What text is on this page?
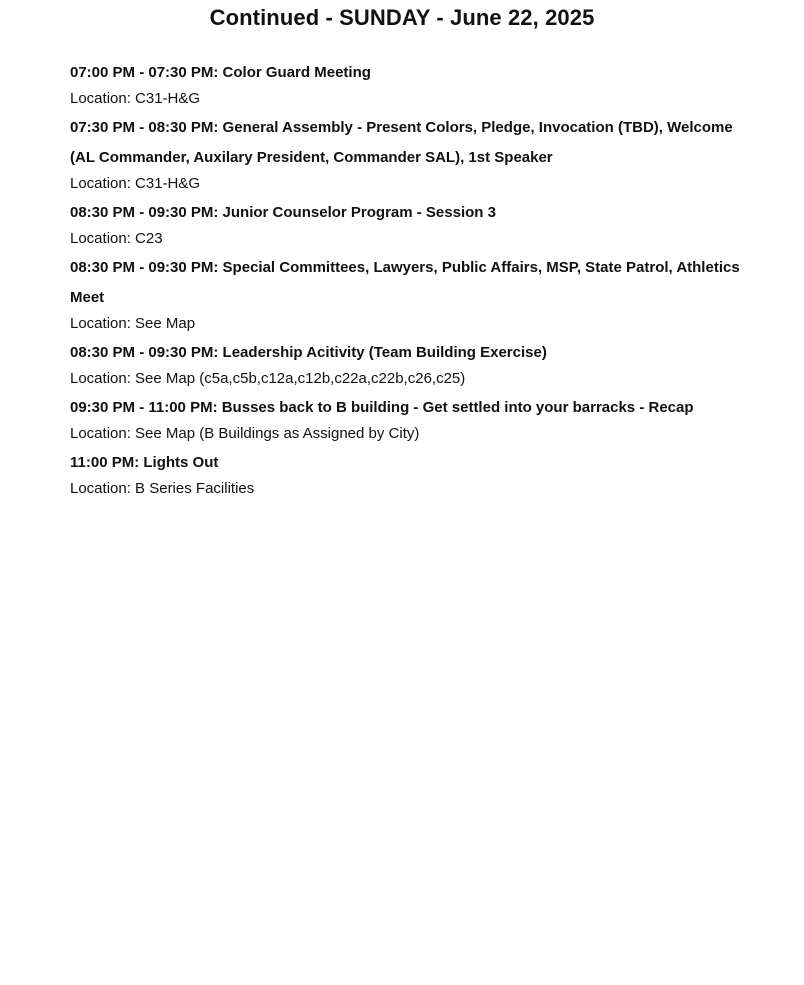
Continued - SUNDAY - June 22, 2025
07:00 PM - 07:30 PM: Color Guard Meeting
Location: C31-H&G
07:30 PM - 08:30 PM: General Assembly - Present Colors, Pledge, Invocation (TBD), Welcome (AL Commander, Auxilary President, Commander SAL), 1st Speaker
Location: C31-H&G
08:30 PM - 09:30 PM: Junior Counselor Program - Session 3
Location: C23
08:30 PM - 09:30 PM: Special Committees, Lawyers, Public Affairs, MSP, State Patrol, Athletics Meet
Location: See Map
08:30 PM - 09:30 PM: Leadership Acitivity (Team Building Exercise)
Location: See Map (c5a,c5b,c12a,c12b,c22a,c22b,c26,c25)
09:30 PM - 11:00 PM: Busses back to B building - Get settled into your barracks - Recap
Location: See Map (B Buildings as Assigned by City)
11:00 PM: Lights Out
Location: B Series Facilities
